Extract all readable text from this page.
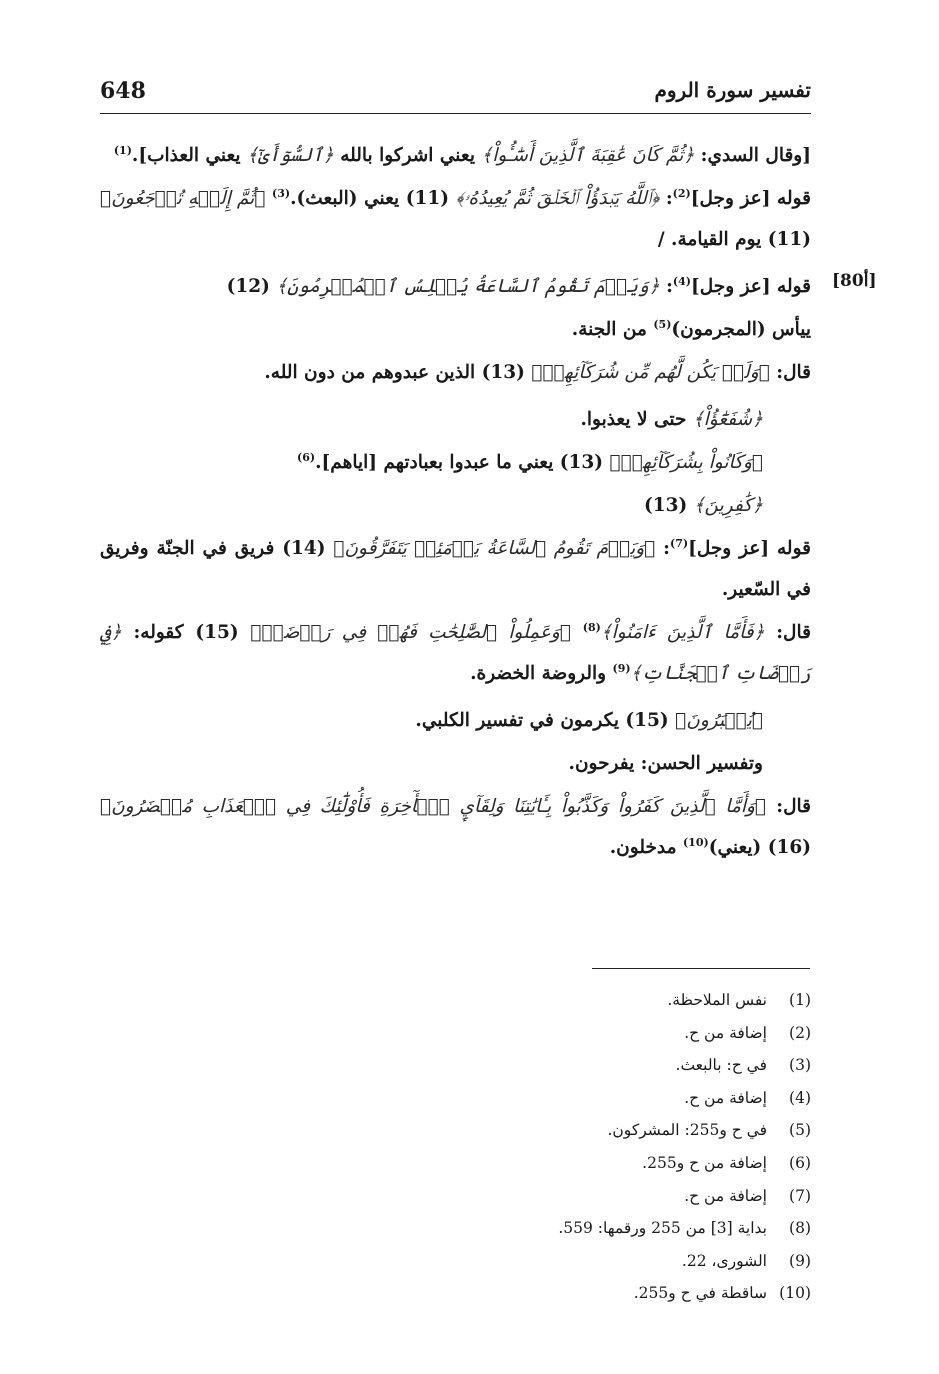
648	تفسير سورة الروم
[80أ]

[وقال السدي: ﴿ثُمَّ كَانَ عَٰقِبَةَ ٱلَّذِينَ أَسَٰٓـُٔواْ﴾ يعني اشركوا بالله ﴿ٱلسُّوٓأَىٰٓ﴾ يعني العذاب].$^{(1)}$

قوله [عز وجل]$^{(2)}$: ﴿ٱللَّهُ يَبۡدَؤُاْ ٱلۡخَلۡقَ ثُمَّ يُعِيدُهُۥ﴾ (11) يعني (البعث).$^{(3)}$ ﴿ثُمَّ إِلَيۡهِ تُرۡجَعُونَ﴾ (11) يوم القيامة. /

قوله [عز وجل]$^{(4)}$: ﴿وَيَوۡمَ تَقُومُ ٱلسَّاعَةُ يُبۡلِسُ ٱلۡمُجۡرِمُونَ﴾ (12)

ييأس (المجرمون)$^{(5)}$ من الجنة.

قال: ﴿وَلَمۡ يَكُن لَّهُم مِّن شُرَكَآئِهِمۡ﴾ (13) الذين عبدوهم من دون الله.

﴿شُفَعَٰٓؤُاْ﴾ حتى لا يعذبوا.

﴿وَكَانُواْ بِشُرَكَآئِهِمۡ﴾ (13) يعني ما عبدوا بعبادتهم [اياهم].$^{(6)}$

﴿كَٰفِرِينَ﴾ (13)

قوله [عز وجل]$^{(7)}$: ﴿وَيَوۡمَ تَقُومُ ٱلسَّاعَةُ يَوۡمَئِذٖ يَتَفَرَّقُونَ﴾ (14) فريق في الجنّة وفريق في السّعير.

قال: ﴿فَأَمَّا ٱلَّذِينَ ءَامَنُواْ﴾$^{(8)}$ ﴿وَعَمِلُواْ ٱلصَّٰلِحَٰتِ فَهُمۡ فِي رَوۡضَةٖ﴾ (15) كقوله: ﴿فِي رَوۡضَاتِ ٱلۡجَنَّاتِ﴾$^{(9)}$ والروضة الخضرة.

﴿يُحۡبَرُونَ﴾ (15) يكرمون في تفسير الكلبي.

وتفسير الحسن: يفرحون.

قال: ﴿وَأَمَّا ٱلَّذِينَ كَفَرُواْ وَكَذَّبُواْ بِـَٔايَٰتِنَا وَلِقَآيِٕ ٱلۡأٓخِرَةِ فَأُوْلَٰٓئِكَ فِي ٱلۡعَذَابِ مُحۡضَرُونَ﴾ (16) (يعني)$^{(10)}$ مدخلون.

(1)نفس الملاحظة.

(2)إضافة من ح.

(3)في ح: بالبعث.

(4)إضافة من ح.

(5)في ح و255: المشركون.

(6)إضافة من ح و255.

(7)إضافة من ح.

(8)بداية [3] من 255 ورقمها: 559.

(9)الشورى، 22.

(10)ساقطة في ح و255.
